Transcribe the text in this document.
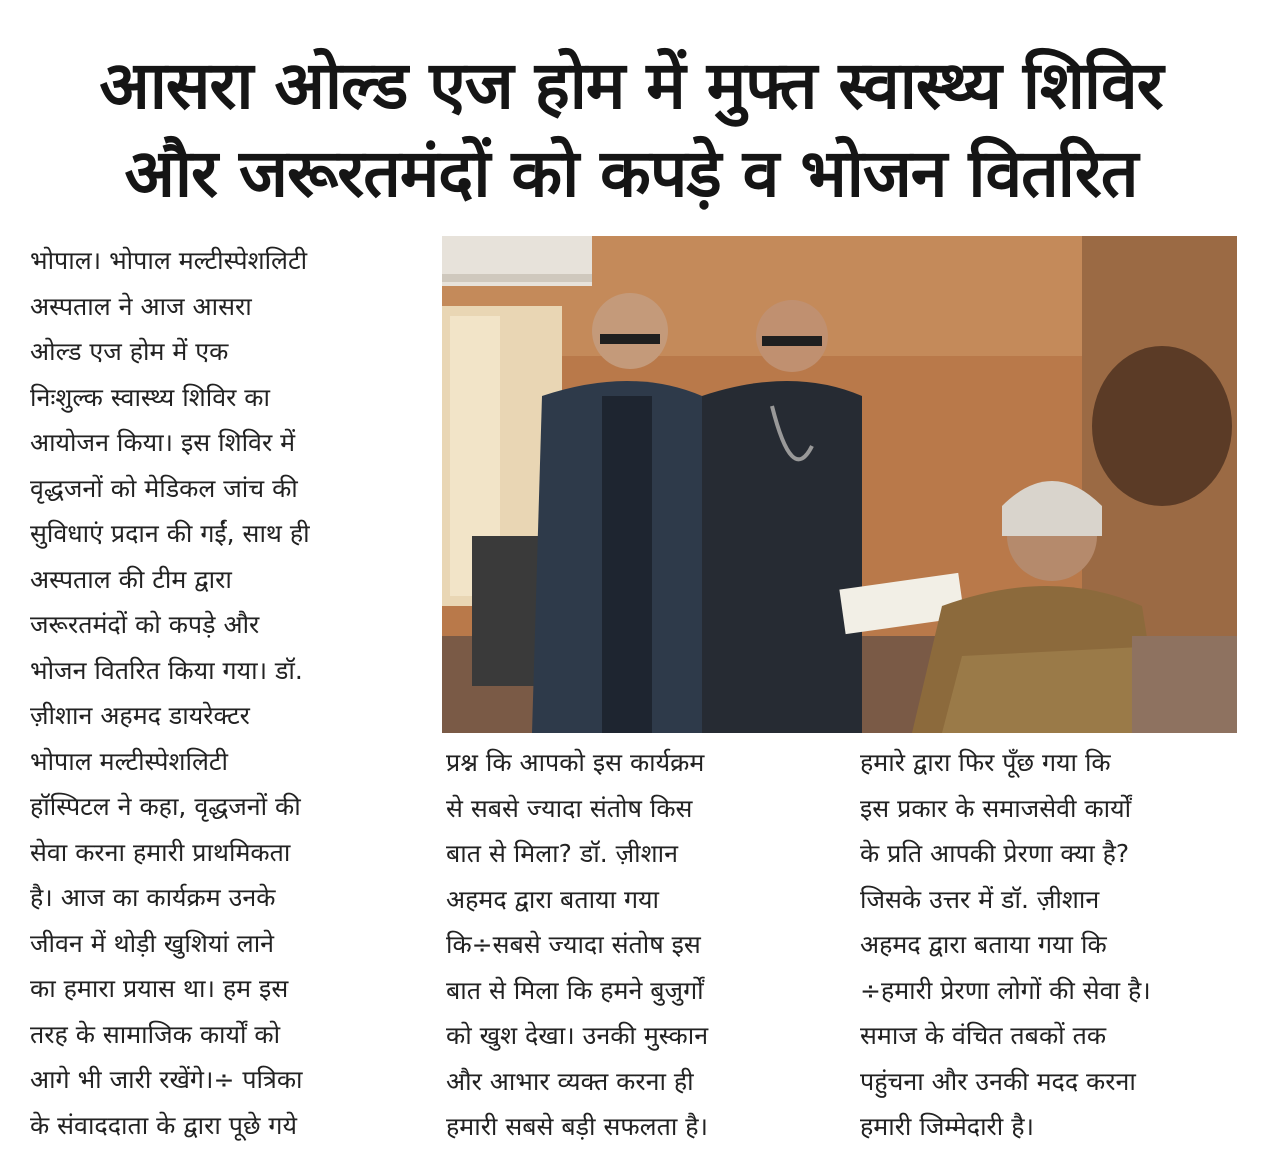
आसरा ओल्ड एज होम में मुफ्त स्वास्थ्य शिविर
और जरूरतमंदों को कपड़े व भोजन वितरित
भोपाल। भोपाल मल्टीस्पेशलिटी
अस्पताल ने आज आसरा
ओल्ड एज होम में एक
निःशुल्क स्वास्थ्य शिविर का
आयोजन किया। इस शिविर में
वृद्धजनों को मेडिकल जांच की
सुविधाएं प्रदान की गईं, साथ ही
अस्पताल की टीम द्वारा
जरूरतमंदों को कपड़े और
भोजन वितरित किया गया। डॉ.
ज़ीशान अहमद डायरेक्टर
भोपाल मल्टीस्पेशलिटी
हॉस्पिटल ने कहा, वृद्धजनों की
सेवा करना हमारी प्राथमिकता
है। आज का कार्यक्रम उनके
जीवन में थोड़ी खुशियां लाने
का हमारा प्रयास था। हम इस
तरह के सामाजिक कार्यों को
आगे भी जारी रखेंगे।÷ पत्रिका
के संवाददाता के द्वारा पूछे गये
प्रश्न कि आपको इस कार्यक्रम
से सबसे ज्यादा संतोष किस
बात से मिला? डॉ. ज़ीशान
अहमद द्वारा बताया गया
कि÷सबसे ज्यादा संतोष इस
बात से मिला कि हमने बुजुर्गों
को खुश देखा। उनकी मुस्कान
और आभार व्यक्त करना ही
हमारी सबसे बड़ी सफलता है।
हमारे द्वारा फिर पूँछ गया कि
इस प्रकार के समाजसेवी कार्यों
के प्रति आपकी प्रेरणा क्या है?
जिसके उत्तर में डॉ. ज़ीशान
अहमद द्वारा बताया गया कि
÷हमारी प्रेरणा लोगों की सेवा है।
समाज के वंचित तबकों तक
पहुंचना और उनकी मदद करना
हमारी जिम्मेदारी है।
